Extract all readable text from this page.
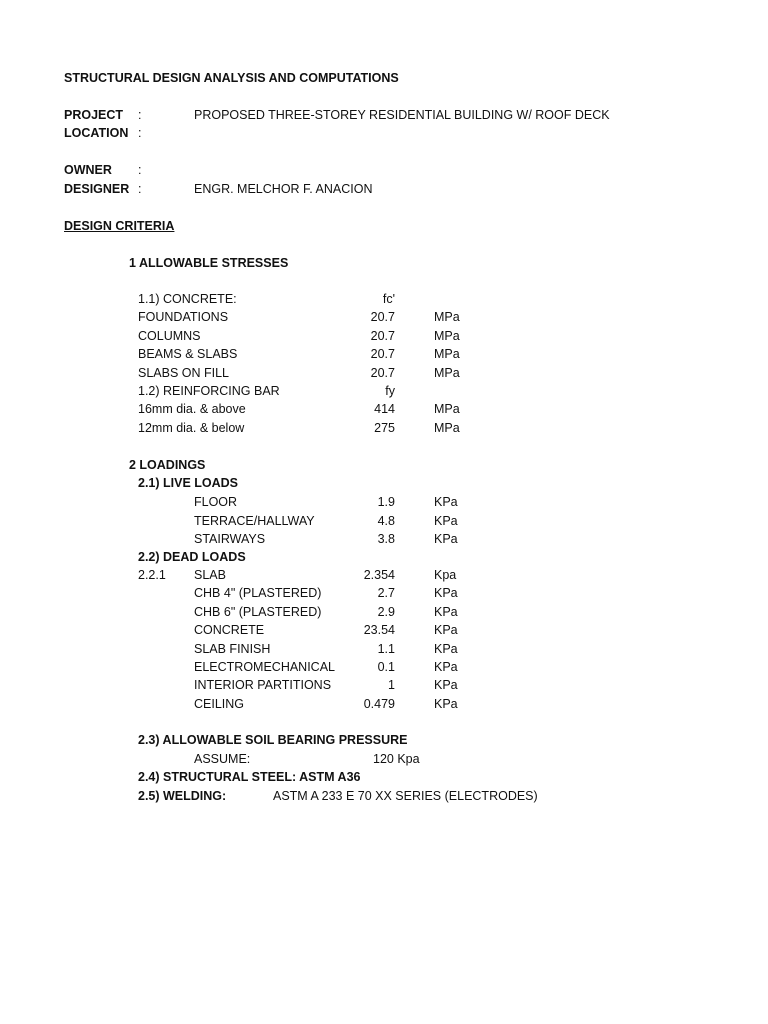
STRUCTURAL DESIGN ANALYSIS AND COMPUTATIONS
PROJECT :	PROPOSED THREE-STOREY RESIDENTIAL BUILDING W/ ROOF DECK
LOCATION :
OWNER :
DESIGNER :	ENGR. MELCHOR F. ANACION
DESIGN CRITERIA
1 ALLOWABLE STRESSES
1.1) CONCRETE:	fc'
FOUNDATIONS	20.7	MPa
COLUMNS	20.7	MPa
BEAMS & SLABS	20.7	MPa
SLABS ON FILL	20.7	MPa
1.2) REINFORCING BAR	fy
16mm dia. & above	414	MPa
12mm dia. & below	275	MPa
2 LOADINGS
2.1) LIVE LOADS
FLOOR	1.9	KPa
TERRACE/HALLWAY	4.8	KPa
STAIRWAYS	3.8	KPa
2.2) DEAD LOADS
2.2.1 SLAB	2.354	Kpa
CHB 4" (PLASTERED)	2.7	KPa
CHB 6" (PLASTERED)	2.9	KPa
CONCRETE	23.54	KPa
SLAB FINISH	1.1	KPa
ELECTROMECHANICAL	0.1	KPa
INTERIOR PARTITIONS	1	KPa
CEILING	0.479	KPa
2.3) ALLOWABLE SOIL BEARING PRESSURE
ASSUME:	120 Kpa
2.4) STRUCTURAL STEEL: ASTM A36
2.5) WELDING:	ASTM A 233 E 70 XX SERIES (ELECTRODES)
